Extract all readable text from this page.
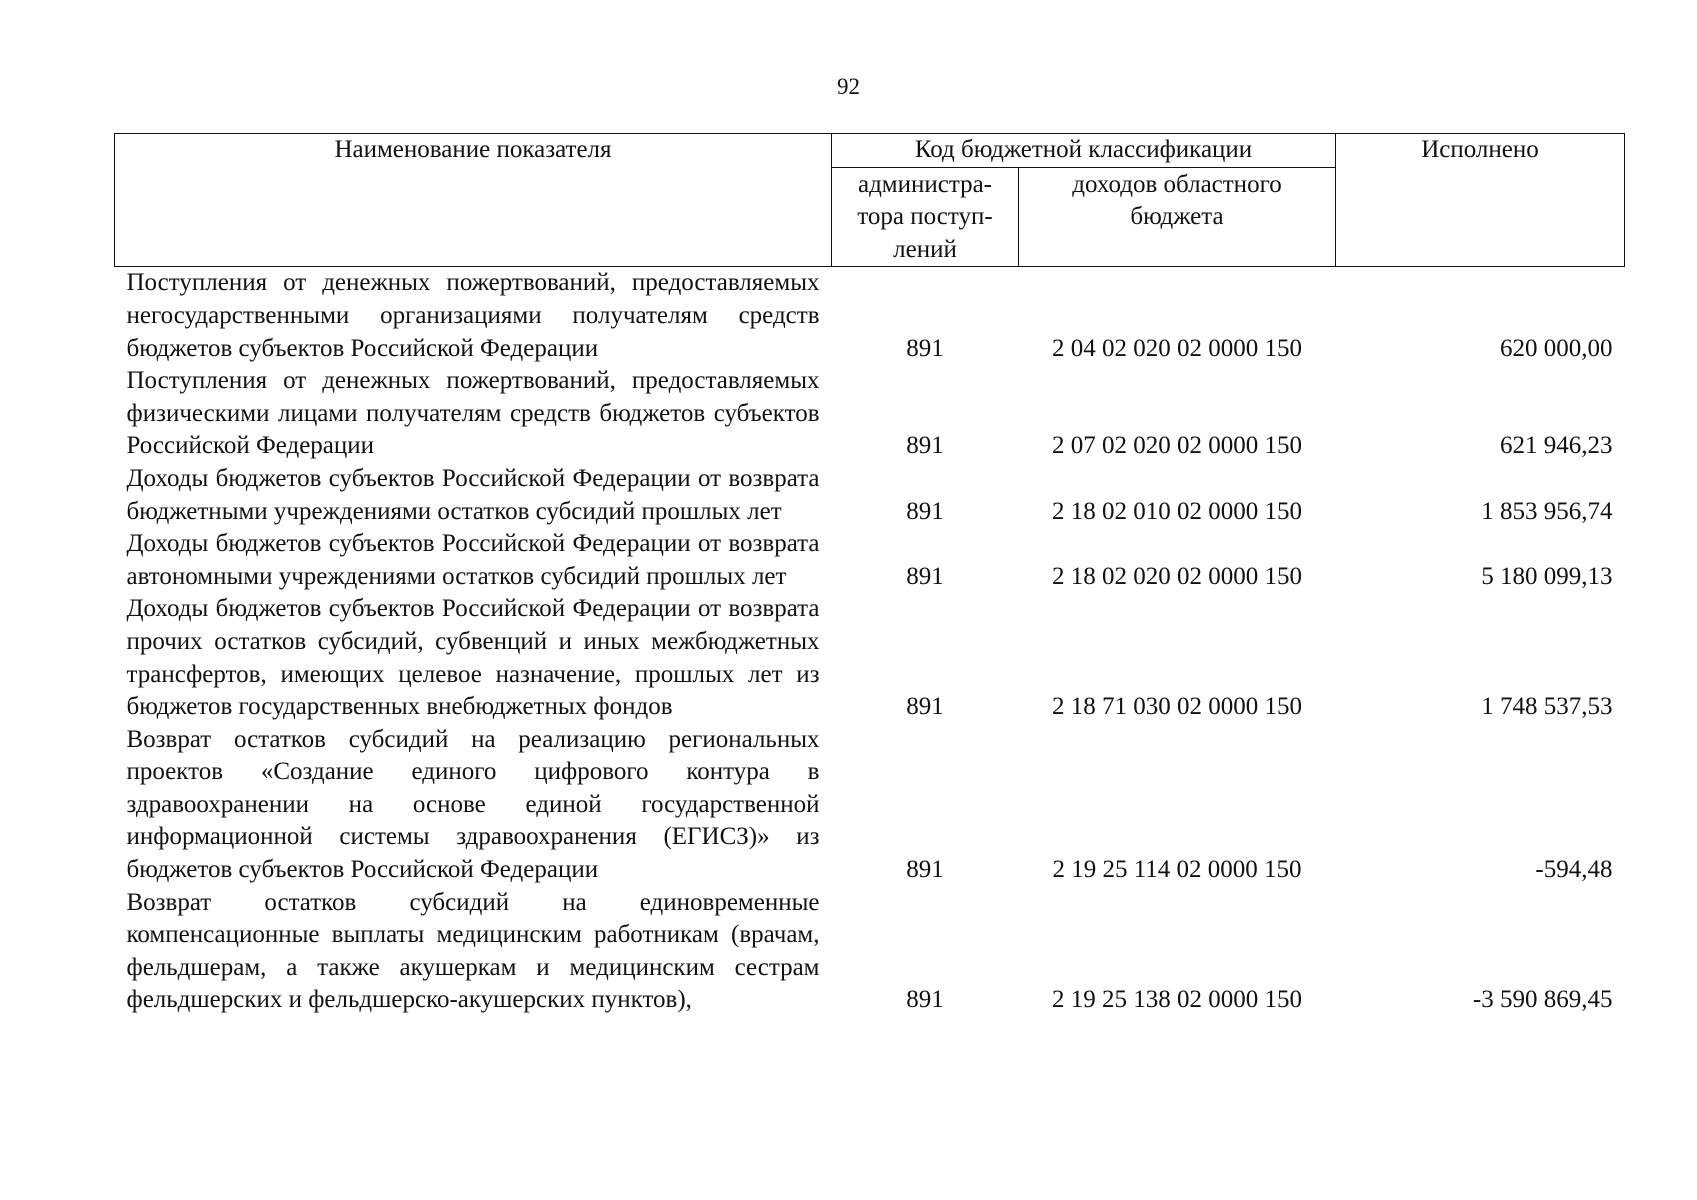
92
Наименование показателя	Код бюджетной классификации		Исполнено
	администра-тора поступ-лений	доходов областного бюджета	
Поступления от денежных пожертвований, предоставляемых негосударственными организациями получателям средств бюджетов субъектов Российской Федерации	891	2 04 02 020 02 0000 150	620 000,00
Поступления от денежных пожертвований, предоставляемых физическими лицами получателям средств бюджетов субъектов Российской Федерации	891	2 07 02 020 02 0000 150	621 946,23
Доходы бюджетов субъектов Российской Федерации от возврата бюджетными учреждениями остатков субсидий прошлых лет	891	2 18 02 010 02 0000 150	1 853 956,74
Доходы бюджетов субъектов Российской Федерации от возврата автономными учреждениями остатков субсидий прошлых лет	891	2 18 02 020 02 0000 150	5 180 099,13
Доходы бюджетов субъектов Российской Федерации от возврата прочих остатков субсидий, субвенций и иных межбюджетных трансфертов, имеющих целевое назначение, прошлых лет из бюджетов государственных внебюджетных фондов	891	2 18 71 030 02 0000 150	1 748 537,53
Возврат остатков субсидий на реализацию региональных проектов «Создание единого цифрового контура в здравоохранении на основе единой государственной информационной системы здравоохранения (ЕГИСЗ)» из бюджетов субъектов Российской Федерации	891	2 19 25 114 02 0000 150	-594,48
Возврат остатков субсидий на единовременные компенсационные выплаты медицинским работникам (врачам, фельдшерам, а также акушеркам и медицинским сестрам фельдшерских и фельдшерско-акушерских пунктов),	891	2 19 25 138 02 0000 150	-3 590 869,45
